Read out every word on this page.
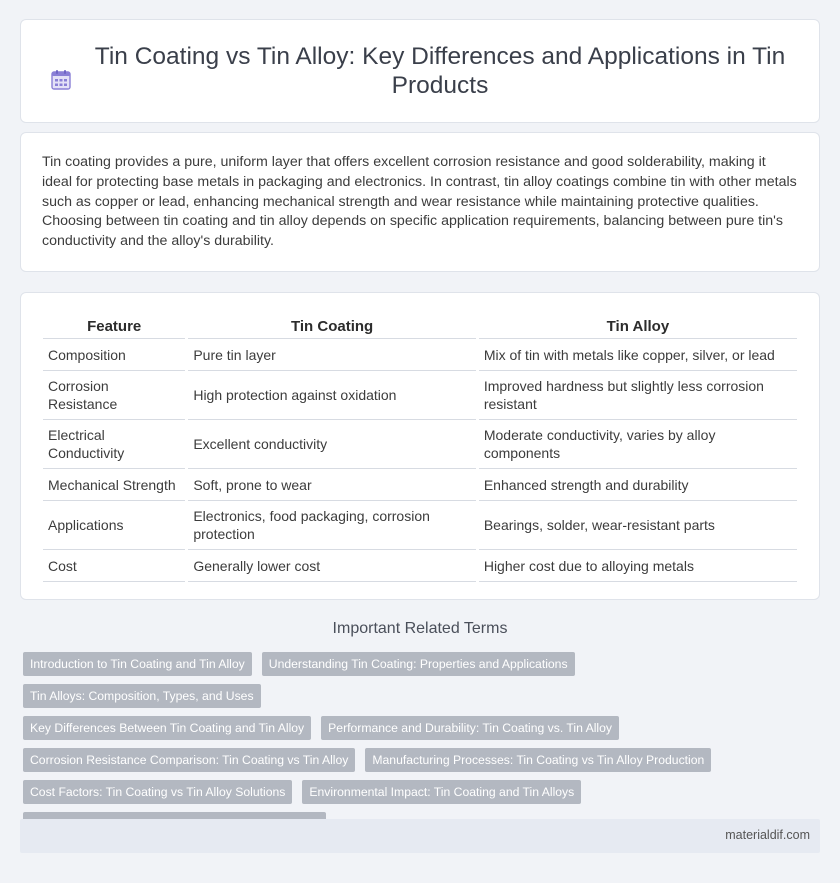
Tin Coating vs Tin Alloy: Key Differences and Applications in Tin Products

Tin coating provides a pure, uniform layer that offers excellent corrosion resistance and good solderability, making it ideal for protecting base metals in packaging and electronics. In contrast, tin alloy coatings combine tin with other metals such as copper or lead, enhancing mechanical strength and wear resistance while maintaining protective qualities. Choosing between tin coating and tin alloy depends on specific application requirements, balancing between pure tin's conductivity and the alloy's durability.

Feature	Tin Coating	Tin Alloy
Composition	Pure tin layer	Mix of tin with metals like copper, silver, or lead
Corrosion Resistance	High protection against oxidation	Improved hardness but slightly less corrosion resistant
Electrical Conductivity	Excellent conductivity	Moderate conductivity, varies by alloy components
Mechanical Strength	Soft, prone to wear	Enhanced strength and durability
Applications	Electronics, food packaging, corrosion protection	Bearings, solder, wear-resistant parts
Cost	Generally lower cost	Higher cost due to alloying metals
Important Related Terms
Introduction to Tin Coating and Tin Alloy Understanding Tin Coating: Properties and ApplicationsTin Alloys: Composition, Types, and Uses
Key Differences Between Tin Coating and Tin Alloy Performance and Durability: Tin Coating vs. Tin Alloy
Corrosion Resistance Comparison: Tin Coating vs Tin Alloy Manufacturing Processes: Tin Coating vs Tin Alloy Production
Cost Factors: Tin Coating vs Tin Alloy Solutions Environmental Impact: Tin Coating and Tin Alloys

materialdif.com
